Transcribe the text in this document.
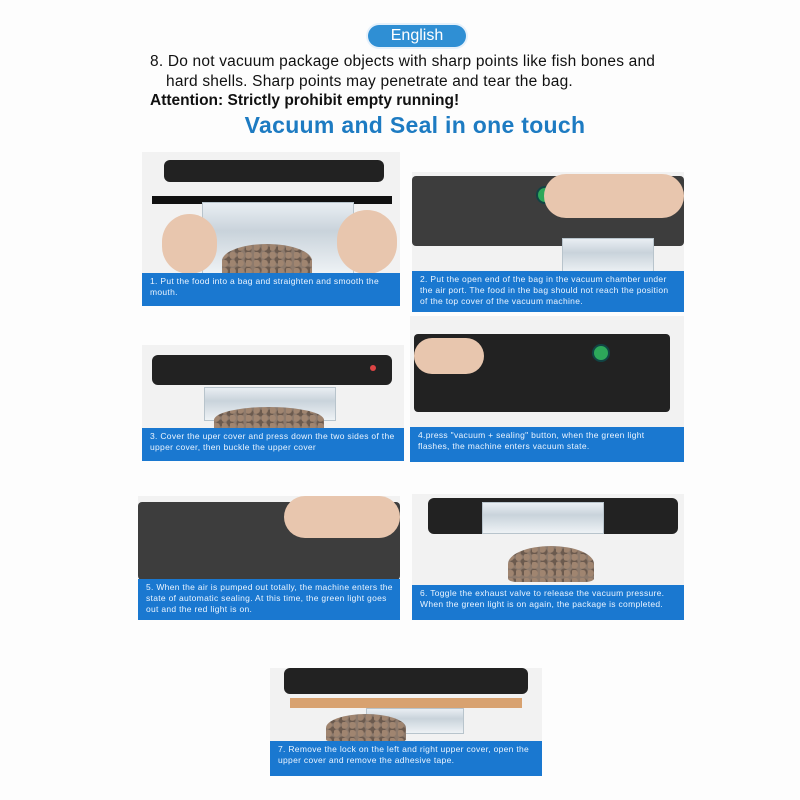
English
8. Do not vacuum package objects with sharp points like fish bones and
hard shells. Sharp points may penetrate and tear the bag.
Attention: Strictly prohibit empty running!
Vacuum and Seal in one touch
1. Put the food into a bag and straighten and smooth the mouth.
2. Put the open end of the bag in the vacuum chamber under the air port. The food in the bag should not reach the position of the top cover of the vacuum machine.
3. Cover the uper cover and press down the two sides of the upper cover, then buckle the upper cover
4.press "vacuum + sealing" button, when the green light flashes, the machine enters vacuum state.
5. When the air is pumped out totally, the machine enters the state of automatic sealing. At this time, the green light goes out and the red light is on.
6. Toggle the exhaust valve to release the vacuum pressure. When the green light is on again, the package is completed.
7. Remove the lock on the left and right upper cover, open the upper cover and remove the adhesive tape.
